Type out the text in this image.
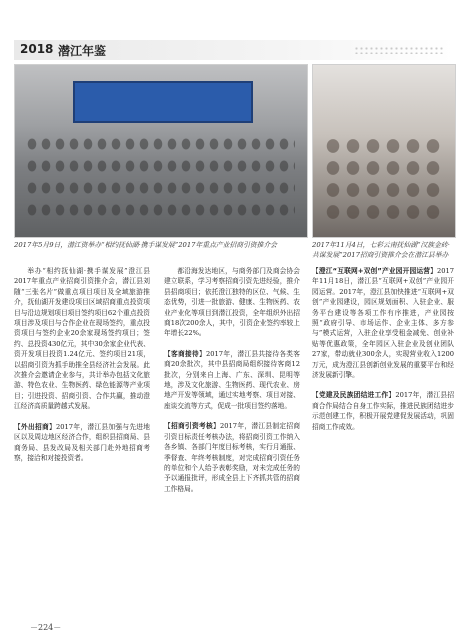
2018 潜江年鉴
2017年5月9日，潜江资举办“相约抚仙湖·携手谋发展”2017年重点产业招商引资推介会	2017年11月4日，七彩云南抚仙湖“汉族金砖·共谋发展”2017招商引资推介会在潜江县举办

举办“相约抚仙湖·携手谋发展”澄江县2017年重点产业招商引资推介会，潜江县刘随“三张名片”做重点项目项目及全域旅游推介，抚仙湖开发建设项目区域招商重点投资项目与沿边规划项目项目签约项目62个重点投资项目涉及项目与合作企业在现场签约，重点投资项目与签约企业20余家现场签约项目；签约、总投资430亿元，其中30余家企业代表、资开发项目投资1.24亿元、签约项目21项，以招商引资为抓手助推全县经济社会发展。此次推介会邀请企业参与，共计举办包括文化旅游、特色农业、生物医药、绿色能源等产业项目；引进投资、招商引资、合作共赢，推动澄江经济高质量跨越式发展。

【外出招商】2017年，潜江县加强与先进地区以及周边地区经济合作，组织县招商局、县商务局、县发改局及相关部门赴外地招商考察，接洽和对接投资者。

都沿海发达地区，与商务部门及商会协会建立联系，学习考察招商引资先进经验，推介县招商项目；依托澄江独特的区位、气候、生态优势，引进一批旅游、健康、生物医药、农业产业化等项目到潜江投资，全年组织外出招商18次200余人，其中，引资企业签约率较上年增长22%。

【客商接待】2017年，潜江县共接待各类客商20余批次，其中县招商局组织接待客商12批次，分别来自上海、广东、深圳、昆明等地，涉及文化旅游、生物医药、现代农业、房地产开发等领域，通过实地考察、项目对接、座谈交流等方式，促成一批项目签约落地。

【招商引资考核】2017年，潜江县制定招商引资目标责任考核办法，将招商引资工作纳入各乡镇、各部门年度目标考核，实行月通报、季督查、年终考核制度，对完成招商引资任务的单位和个人给予表彰奖励，对未完成任务的予以通报批评，形成全县上下齐抓共管的招商工作格局。

【澄江“互联网+双创”产业园开园运营】2017年11月18日，潜江县“互联网+双创”产业园开园运营。2017年，澄江县加快推进“互联网+双创”产业园建设，园区规划面积、入驻企业、服务平台建设等各项工作有序推进，产业园按照“政府引导、市场运作、企业主体、多方参与”模式运营，入驻企业享受租金减免、创业补贴等优惠政策，全年园区入驻企业及创业团队27家，带动就业300余人，实现营业收入1200万元，成为澄江县创新创业发展的重要平台和经济发展新引擎。

【党建及民族团结进工作】2017年，潜江县招商合作局结合自身工作实际，推进民族团结进步示范创建工作，积极开展党建促发展活动，巩固招商工作成效。

－224－
